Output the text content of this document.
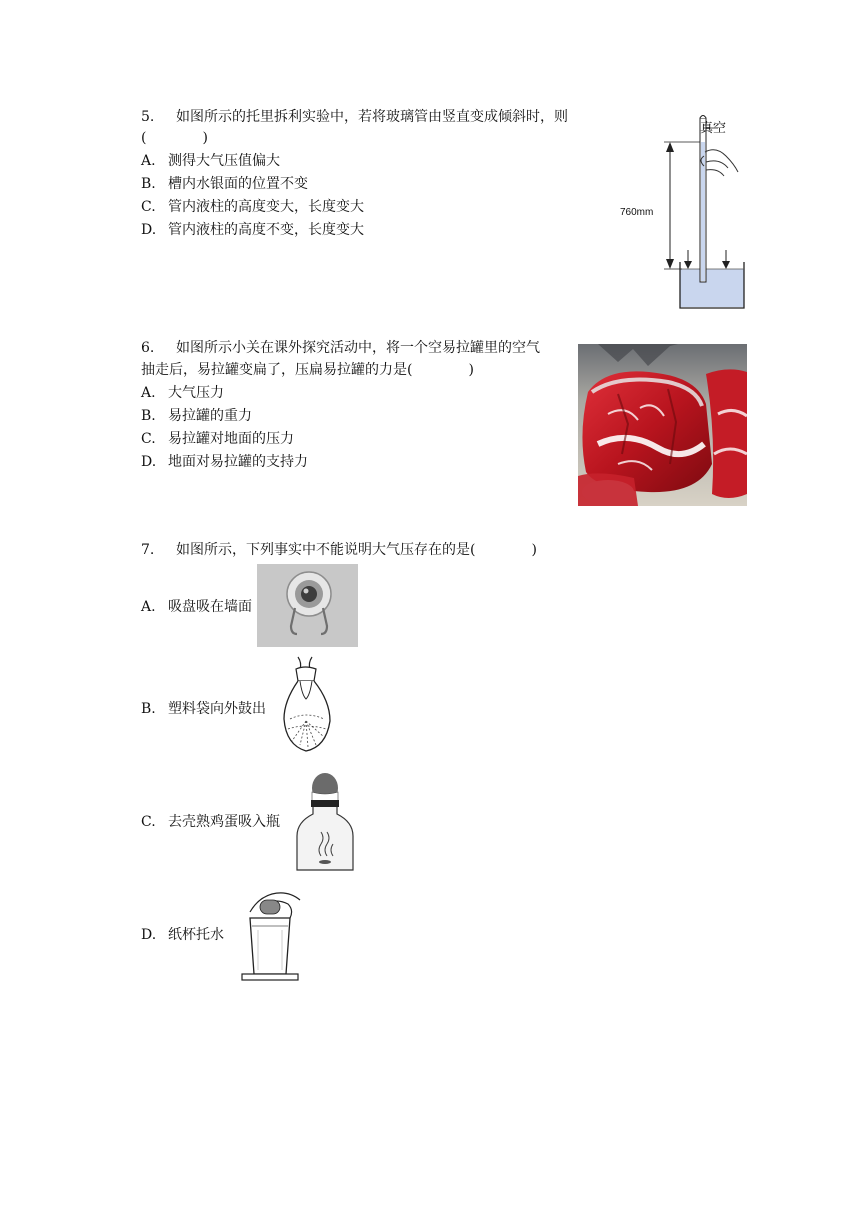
5. 如图所示的托里拆利实验中，若将玻璃管由竖直变成倾斜时，则
(　　　　)
A. 测得大气压值偏大
B. 槽内水银面的位置不变
C. 管内液柱的高度变大，长度变大
D. 管内液柱的高度不变，长度变大
真空
760mm
6. 如图所示小关在课外探究活动中，将一个空易拉罐里的空气
抽走后，易拉罐变扁了，压扁易拉罐的力是(　　　　)
A. 大气压力
B. 易拉罐的重力
C. 易拉罐对地面的压力
D. 地面对易拉罐的支持力
7. 如图所示，下列事实中不能说明大气压存在的是(　　　　)
A. 吸盘吸在墙面
B. 塑料袋向外鼓出
C. 去壳熟鸡蛋吸入瓶
D. 纸杯托水
